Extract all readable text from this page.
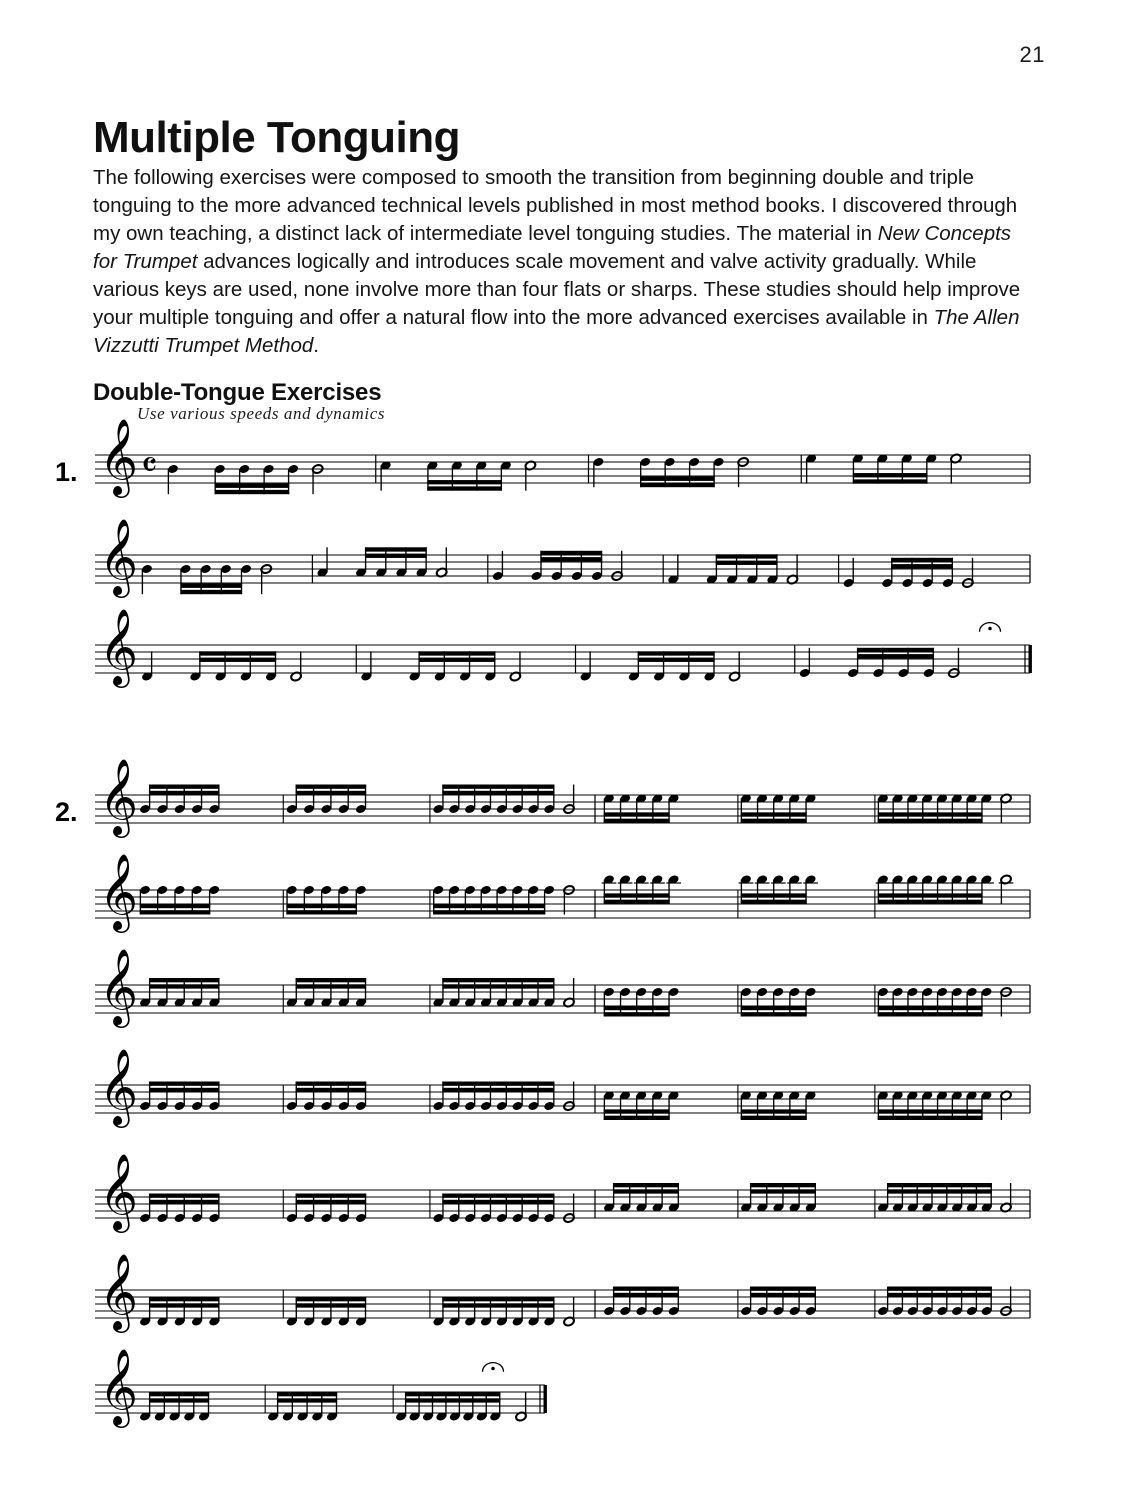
21
Multiple Tonguing

The following exercises were composed to smooth the transition from beginning double and triple tonguing to the more advanced technical levels published in most method books. I discovered through my own teaching, a distinct lack of intermediate level tonguing studies. The material in New Concepts for Trumpet advances logically and introduces scale movement and valve activity gradually. While various keys are used, none involve more than four flats or sharps. These studies should help improve your multiple tonguing and offer a natural flow into the more advanced exercises available in The Allen Vizzutti Trumpet Method.

Double-Tongue Exercises
Use various speeds and dynamics
𝄞 𝄴
𝄞
𝄞
1.
𝄞
𝄞
𝄞
𝄞
𝄞
𝄞
𝄞
2.
